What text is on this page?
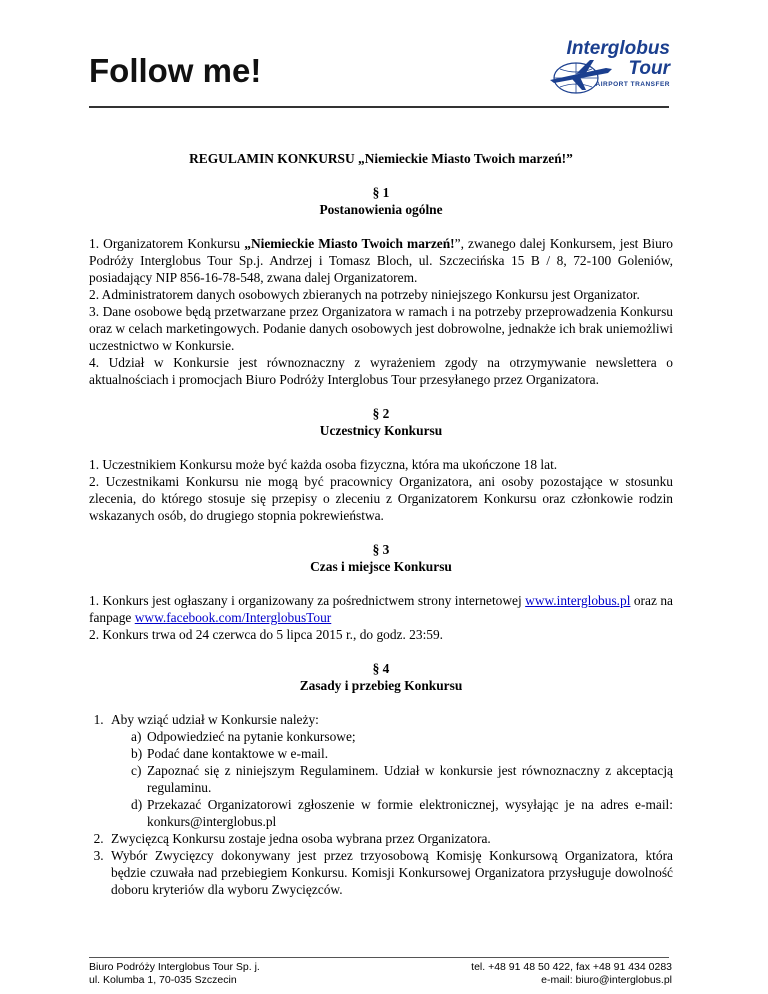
Follow me!
Interglobus
Tour
AIRPORT TRANSFER

REGULAMIN KONKURSU „Niemieckie Miasto Twoich marzeń!”

§ 1

Postanowienia ogólne

1. Organizatorem Konkursu „Niemieckie Miasto Twoich marzeń!”, zwanego dalej Konkursem, jest Biuro Podróży Interglobus Tour Sp.j. Andrzej i Tomasz Bloch, ul. Szczecińska 15 B / 8, 72-100 Goleniów, posiadający NIP 856-16-78-548, zwana dalej Organizatorem.

2. Administratorem danych osobowych zbieranych na potrzeby niniejszego Konkursu jest Organizator.

3. Dane osobowe będą przetwarzane przez Organizatora w ramach i na potrzeby przeprowadzenia Konkursu oraz w celach marketingowych. Podanie danych osobowych jest dobrowolne, jednakże ich brak uniemożliwi uczestnictwo w Konkursie.

4. Udział w Konkursie jest równoznaczny z wyrażeniem zgody na otrzymywanie newslettera o aktualnościach i promocjach Biuro Podróży Interglobus Tour przesyłanego przez Organizatora.

§ 2

Uczestnicy Konkursu

1. Uczestnikiem Konkursu może być każda osoba fizyczna, która ma ukończone 18 lat.

2. Uczestnikami Konkursu nie mogą być pracownicy Organizatora, ani osoby pozostające w stosunku zlecenia, do którego stosuje się przepisy o zleceniu z Organizatorem Konkursu oraz członkowie rodzin wskazanych osób, do drugiego stopnia pokrewieństwa.

§ 3

Czas i miejsce Konkursu

1. Konkurs jest ogłaszany i organizowany za pośrednictwem strony internetowej www.interglobus.pl oraz na fanpage www.facebook.com/InterglobusTour

2. Konkurs trwa od 24 czerwca do 5 lipca 2015 r., do godz. 23:59.

§ 4

Zasady i przebieg Konkursu

1. Aby wziąć udział w Konkursie należy:
a) Odpowiedzieć na pytanie konkursowe;
b) Podać dane kontaktowe w e-mail.
c) Zapoznać się z niniejszym Regulaminem. Udział w konkursie jest równoznaczny z akceptacją regulaminu.
d) Przekazać Organizatorowi zgłoszenie w formie elektronicznej, wysyłając je na adres e-mail: konkurs@interglobus.pl
2. Zwycięzcą Konkursu zostaje jedna osoba wybrana przez Organizatora.
3. Wybór Zwycięzcy dokonywany jest przez trzyosobową Komisję Konkursową Organizatora, która będzie czuwała nad przebiegiem Konkursu. Komisji Konkursowej Organizatora przysługuje dowolność doboru kryteriów dla wyboru Zwycięzców.
Biuro Podróży Interglobus Tour Sp. j.
ul. Kolumba 1, 70-035 Szczecin
tel. +48 91 48 50 422, fax +48 91 434 0283
e-mail: biuro@interglobus.pl
